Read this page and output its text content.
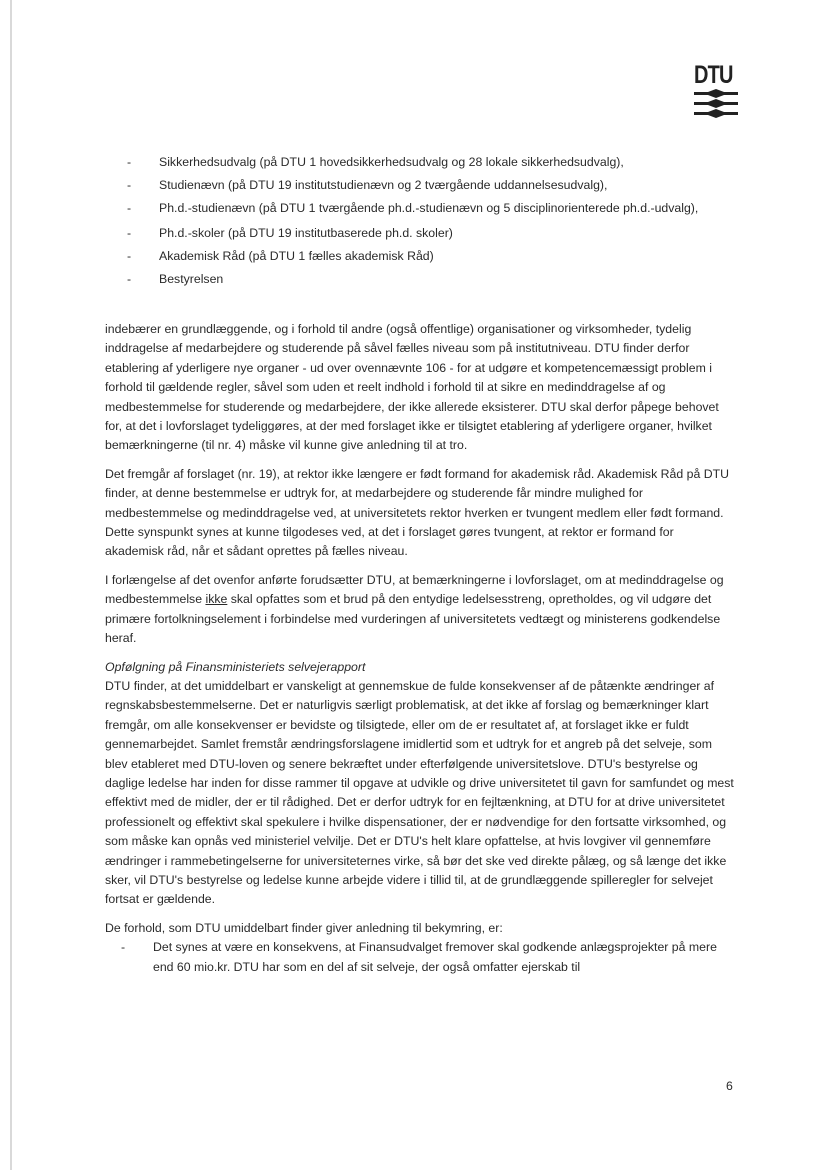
DTU
- Sikkerhedsudvalg (på DTU 1 hovedsikkerhedsudvalg og 28 lokale sikkerhedsudvalg),
- Studienævn (på DTU 19 institutstudienævn og 2 tværgående uddannelsesudvalg),
- Ph.d.-studienævn (på DTU 1 tværgående ph.d.-studienævn og 5 disciplinorienterede ph.d.-udvalg),
- Ph.d.-skoler (på DTU 19 institutbaserede ph.d. skoler)
- Akademisk Råd (på DTU 1 fælles akademisk Råd)
- Bestyrelsen

indebærer en grundlæggende, og i forhold til andre (også offentlige) organisationer og virksomheder, tydelig inddragelse af medarbejdere og studerende på såvel fælles niveau som på institutniveau. DTU finder derfor etablering af yderligere nye organer - ud over ovennævnte 106 - for at udgøre et kompetencemæssigt problem i forhold til gældende regler, såvel som uden et reelt indhold i forhold til at sikre en medinddragelse af og medbestemmelse for studerende og medarbejdere, der ikke allerede eksisterer. DTU skal derfor påpege behovet for, at det i lovforslaget tydeliggøres, at der med forslaget ikke er tilsigtet etablering af yderligere organer, hvilket bemærkningerne (til nr. 4) måske vil kunne give anledning til at tro.

Det fremgår af forslaget (nr. 19), at rektor ikke længere er født formand for akademisk råd. Akademisk Råd på DTU finder, at denne bestemmelse er udtryk for, at medarbejdere og studerende får mindre mulighed for medbestemmelse og medinddragelse ved, at universitetets rektor hverken er tvungent medlem eller født formand. Dette synspunkt synes at kunne tilgodeses ved, at det i forslaget gøres tvungent, at rektor er formand for akademisk råd, når et sådant oprettes på fælles niveau.

I forlængelse af det ovenfor anførte forudsætter DTU, at bemærkningerne i lovforslaget, om at medinddragelse og medbestemmelse ikke skal opfattes som et brud på den entydige ledelsesstreng, opretholdes, og vil udgøre det primære fortolkningselement i forbindelse med vurderingen af universitetets vedtægt og ministerens godkendelse heraf.

Opfølgning på Finansministeriets selvejerapport

DTU finder, at det umiddelbart er vanskeligt at gennemskue de fulde konsekvenser af de påtænkte ændringer af regnskabsbestemmelserne. Det er naturligvis særligt problematisk, at det ikke af forslag og bemærkninger klart fremgår, om alle konsekvenser er bevidste og tilsigtede, eller om de er resultatet af, at forslaget ikke er fuldt gennemarbejdet. Samlet fremstår ændringsforslagene imidlertid som et udtryk for et angreb på det selveje, som blev etableret med DTU-loven og senere bekræftet under efterfølgende universitetslove. DTU's bestyrelse og daglige ledelse har inden for disse rammer til opgave at udvikle og drive universitetet til gavn for samfundet og mest effektivt med de midler, der er til rådighed. Det er derfor udtryk for en fejltænkning, at DTU for at drive universitetet professionelt og effektivt skal spekulere i hvilke dispensationer, der er nødvendige for den fortsatte virksomhed, og som måske kan opnås ved ministeriel velvilje. Det er DTU's helt klare opfattelse, at hvis lovgiver vil gennemføre ændringer i rammebetingelserne for universiteternes virke, så bør det ske ved direkte pålæg, og så længe det ikke sker, vil DTU's bestyrelse og ledelse kunne arbejde videre i tillid til, at de grundlæggende spilleregler for selvejet fortsat er gældende.

De forhold, som DTU umiddelbart finder giver anledning til bekymring, er:

- Det synes at være en konsekvens, at Finansudvalget fremover skal godkende anlægsprojekter på mere end 60 mio.kr. DTU har som en del af sit selveje, der også omfatter ejerskab til
6
